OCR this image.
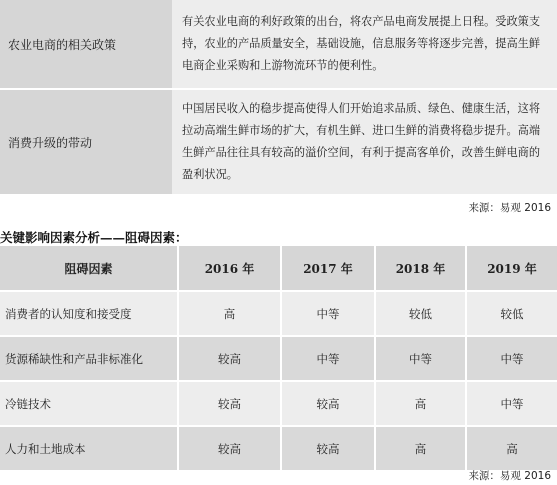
农业电商的相关政策	有关农业电商的利好政策的出台，将农产品电商发展提上日程。受政策支持，农业的产品质量安全，基础设施，信息服务等将逐步完善，提高生鲜电商企业采购和上游物流环节的便利性。
消费升级的带动	中国居民收入的稳步提高使得人们开始追求品质、绿色、健康生活，这将拉动高端生鲜市场的扩大，有机生鲜、进口生鲜的消费将稳步提升。高端生鲜产品往往具有较高的溢价空间，有利于提高客单价，改善生鲜电商的盈利状况。
来源：易观 2016
关键影响因素分析——阻碍因素：
阻碍因素	2016 年	2017 年	2018 年	2019 年
消费者的认知度和接受度	高	中等	较低	较低
货源稀缺性和产品非标准化	较高	中等	中等	中等
冷链技术	较高	较高	高	中等
人力和土地成本	较高	较高	高	高
来源：易观 2016
